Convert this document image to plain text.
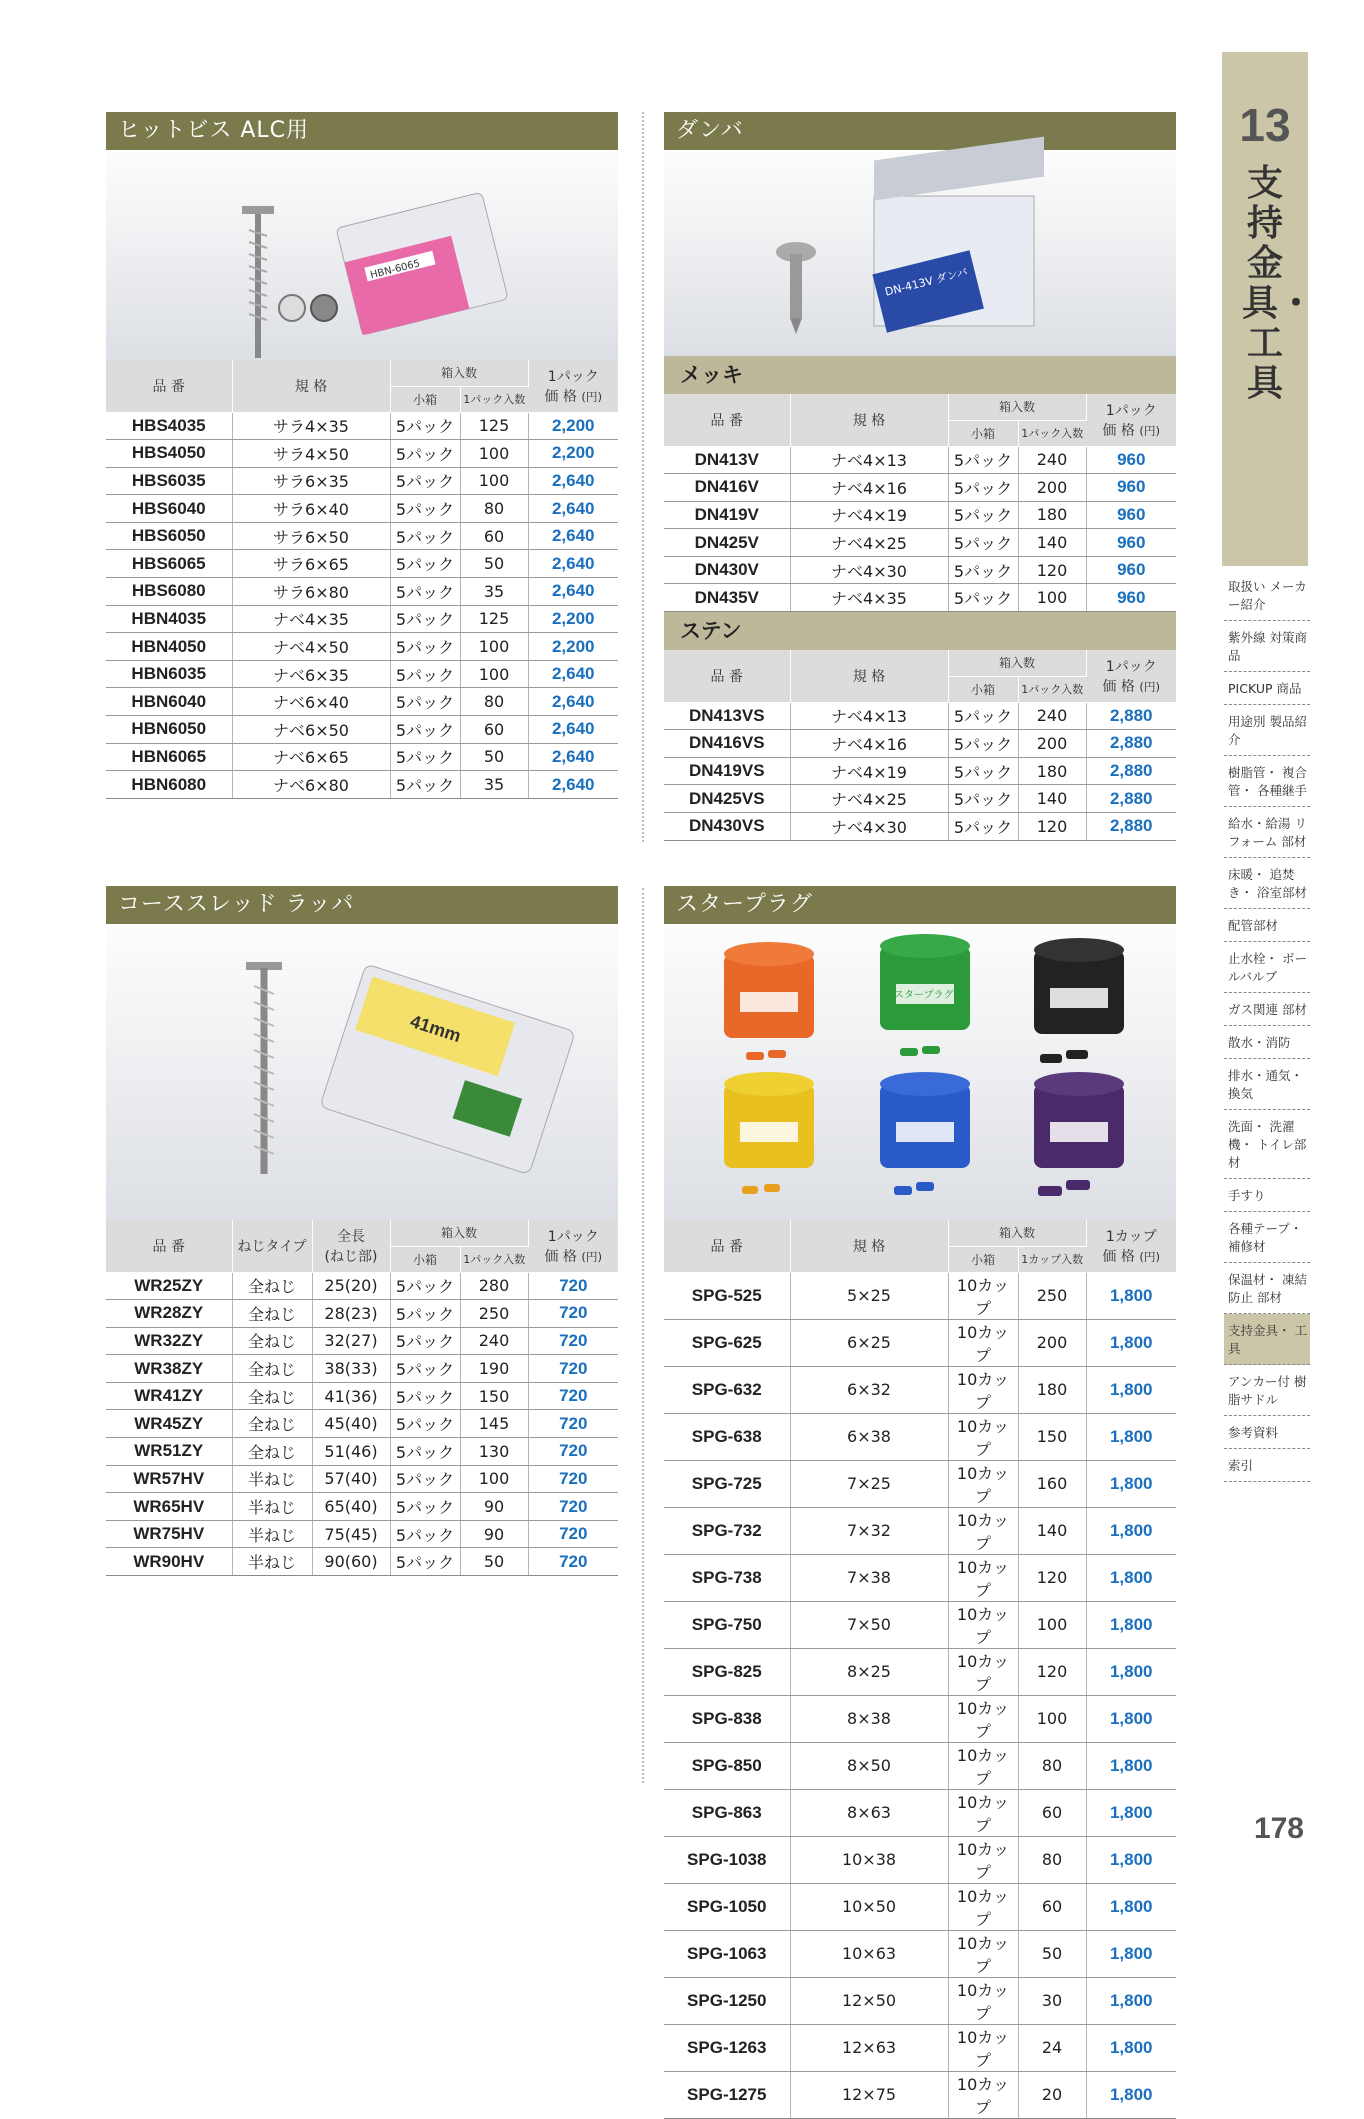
ヒットビス ALC用
HBN-6065
品 番	規 格	箱入数		1パック
価 格 (円)
		小箱	1パック入数	
HBS4035	サラ4×35	5パック	125	2,200
HBS4050	サラ4×50	5パック	100	2,200
HBS6035	サラ6×35	5パック	100	2,640
HBS6040	サラ6×40	5パック	80	2,640
HBS6050	サラ6×50	5パック	60	2,640
HBS6065	サラ6×65	5パック	50	2,640
HBS6080	サラ6×80	5パック	35	2,640
HBN4035	ナベ4×35	5パック	125	2,200
HBN4050	ナベ4×50	5パック	100	2,200
HBN6035	ナベ6×35	5パック	100	2,640
HBN6040	ナベ6×40	5パック	80	2,640
HBN6050	ナベ6×50	5パック	60	2,640
HBN6065	ナベ6×65	5パック	50	2,640
HBN6080	ナベ6×80	5パック	35	2,640
ダンバ
DN-413V ダンバ
メッキ
品 番	規 格	箱入数		1パック
価 格 (円)
		小箱	1パック入数	
DN413V	ナベ4×13	5パック	240	960
DN416V	ナベ4×16	5パック	200	960
DN419V	ナベ4×19	5パック	180	960
DN425V	ナベ4×25	5パック	140	960
DN430V	ナベ4×30	5パック	120	960
DN435V	ナベ4×35	5パック	100	960
ステン
品 番	規 格	箱入数		1パック
価 格 (円)
		小箱	1パック入数	
DN413VS	ナベ4×13	5パック	240	2,880
DN416VS	ナベ4×16	5パック	200	2,880
DN419VS	ナベ4×19	5パック	180	2,880
DN425VS	ナベ4×25	5パック	140	2,880
DN430VS	ナベ4×30	5パック	120	2,880
コーススレッド ラッパ
41mm
品 番	ねじタイプ	全長
(ねじ部)	箱入数		1パック
価 格 (円)
			小箱	1パック入数	
WR25ZY	全ねじ	25(20)	5パック	280	720
WR28ZY	全ねじ	28(23)	5パック	250	720
WR32ZY	全ねじ	32(27)	5パック	240	720
WR38ZY	全ねじ	38(33)	5パック	190	720
WR41ZY	全ねじ	41(36)	5パック	150	720
WR45ZY	全ねじ	45(40)	5パック	145	720
WR51ZY	全ねじ	51(46)	5パック	130	720
WR57HV	半ねじ	57(40)	5パック	100	720
WR65HV	半ねじ	65(40)	5パック	90	720
WR75HV	半ねじ	75(45)	5パック	90	720
WR90HV	半ねじ	90(60)	5パック	50	720
スタープラグ
スタープラグ
品 番	規 格	箱入数		1カップ
価 格 (円)
		小箱	1カップ入数	
SPG-525	5×25	10カップ	250	1,800
SPG-625	6×25	10カップ	200	1,800
SPG-632	6×32	10カップ	180	1,800
SPG-638	6×38	10カップ	150	1,800
SPG-725	7×25	10カップ	160	1,800
SPG-732	7×32	10カップ	140	1,800
SPG-738	7×38	10カップ	120	1,800
SPG-750	7×50	10カップ	100	1,800
SPG-825	8×25	10カップ	120	1,800
SPG-838	8×38	10カップ	100	1,800
SPG-850	8×50	10カップ	80	1,800
SPG-863	8×63	10カップ	60	1,800
SPG-1038	10×38	10カップ	80	1,800
SPG-1050	10×50	10カップ	60	1,800
SPG-1063	10×63	10カップ	50	1,800
SPG-1250	12×50	10カップ	30	1,800
SPG-1263	12×63	10カップ	24	1,800
SPG-1275	12×75	10カップ	20	1,800
13
支持金具・工具
取扱い メーカー紹介
紫外線 対策商品
PICKUP 商品
用途別 製品紹介
樹脂管・ 複合管・ 各種継手
給水・給湯 リフォーム 部材
床暖・ 追焚き・ 浴室部材
配管部材
止水栓・ ボールバルブ
ガス関連 部材
散水・消防
排水・通気・ 換気
洗面・ 洗濯機・ トイレ部材
手すり
各種テープ・ 補修材
保温材・ 凍結防止 部材
支持金具・ 工具
アンカー付 樹脂サドル
参考資料
索引
178
